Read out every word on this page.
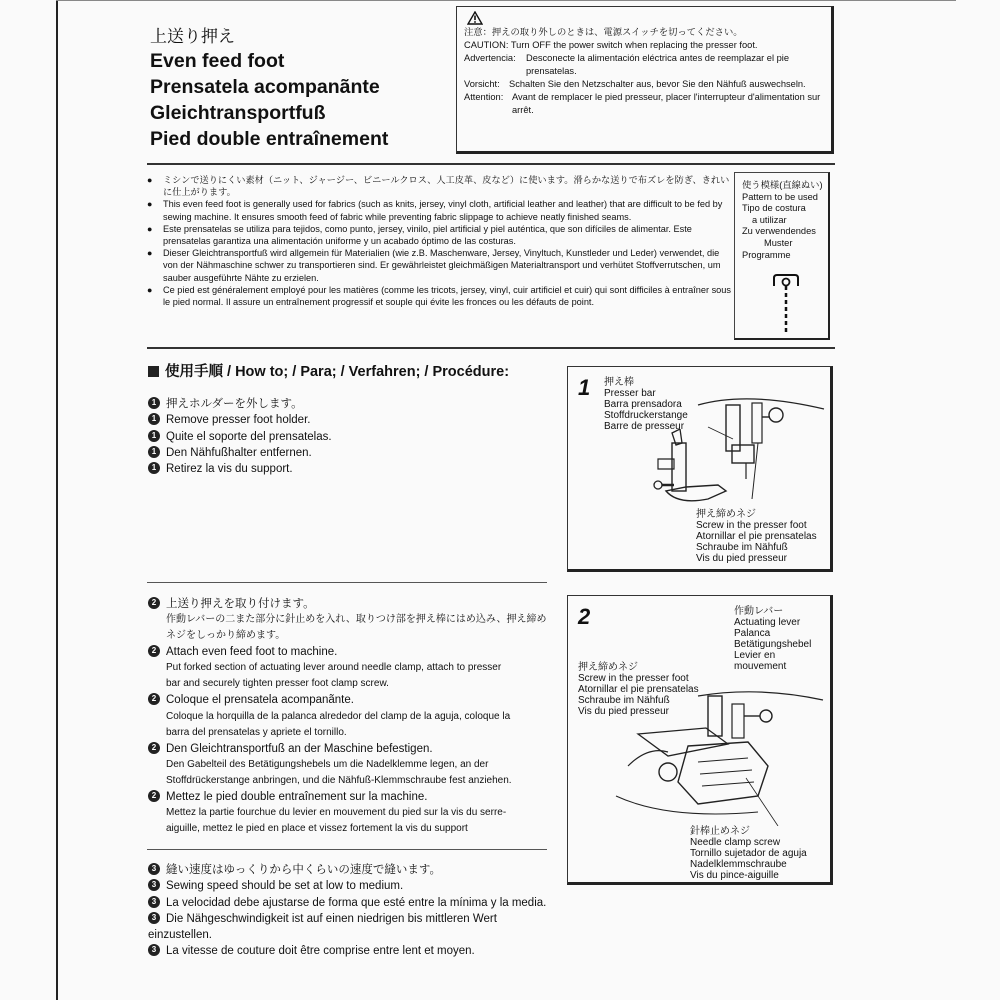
上送り押え
Even feed foot
Prensatela acompanãnte
Gleichtransportfuß
Pied double entraînement
注意：押えの取り外しのときは、電源スイッチを切ってください。
CAUTION: Turn OFF the power switch when replacing the presser foot.
Advertencia:	Desconecte la alimentación eléctrica antes de reemplazar el pie prensatelas.
Vorsicht:	Schalten Sie den Netzschalter aus, bevor Sie den Nähfuß auswechseln.
Attention: Avant de remplacer le pied presseur, placer l'interrupteur d'alimentation sur arrêt.
● ミシンで送りにくい素材（ニット、ジャージー、ビニールクロス、人工皮革、皮など）に使います。滑らかな送りで布ズレを防ぎ、きれいに仕上がります。
● This even feed foot is generally used for fabrics (such as knits, jersey, vinyl cloth, artificial leather and leather) that are difficult to be fed by sewing machine. It ensures smooth feed of fabric while preventing fabric slippage to achieve neatly finished seams.
● Este prensatelas se utiliza para tejidos, como punto, jersey, vinilo, piel artificial y piel auténtica, que son difíciles de alimentar. Este prensatelas garantiza una alimentación uniforme y un acabado óptimo de las costuras.
● Dieser Gleichtransportfuß wird allgemein für Materialien (wie z.B. Maschenware, Jersey, Vinyltuch, Kunstleder und Leder) verwendet, die von der Nähmaschine schwer zu transportieren sind. Er gewährleistet gleichmäßigen Materialtransport und verhütet Stoffverrutschen, um sauber ausgeführte Nähte zu erzielen.
● Ce pied est généralement employé pour les matières (comme les tricots, jersey, vinyl, cuir artificiel et cuir) qui sont difficiles à entraîner sous le pied normal. Il assure un entraînement progressif et souple qui évite les fronces ou les défauts de point.
使う模様(直線ぬい)
Pattern to be used
Tipo de costura
a utilizar
Zu verwendendes
Muster
Programme
使用手順 / How to; / Para; / Verfahren; / Procédure:
1 押えホルダーを外します。
1 Remove presser foot holder.
1 Quite el soporte del prensatelas.
1 Den Nähfußhalter entfernen.
1 Retirez la vis du support.
2 上送り押えを取り付けます。
作動レバーの二また部分に針止めを入れ、取りつけ部を押え棒にはめ込み、押え締め
ネジをしっかり締めます。
2 Attach even feed foot to machine.
Put forked section of actuating lever around needle clamp, attach to presser
bar and securely tighten presser foot clamp screw.
2 Coloque el prensatela acompanãnte.
Coloque la horquilla de la palanca alrededor del clamp de la aguja, coloque la
barra del prensatelas y apriete el tornillo.
2 Den Gleichtransportfuß an der Maschine befestigen.
Den Gabelteil des Betätigungshebels um die Nadelklemme legen, an der
Stoffdrückerstange anbringen, und die Nähfuß-Klemmschraube fest anziehen.
2 Mettez le pied double entraînement sur la machine.
Mettez la partie fourchue du levier en mouvement du pied sur la vis du serre-
aiguille, mettez le pied en place et vissez fortement la vis du support
3 縫い速度はゆっくりから中くらいの速度で縫います。
3 Sewing speed should be set at low to medium.
3 La velocidad debe ajustarse de forma que esté entre la mínima y la media.
3 Die Nähgeschwindigkeit ist auf einen niedrigen bis mittleren Wert
einzustellen.
3 La vitesse de couture doit être comprise entre lent et moyen.
1 押え棒
Presser bar
Barra prensadora
Stoffdruckerstange
Barre de presseur
押え締めネジ
Screw in the presser foot
Atornillar el pie prensatelas
Schraube im Nähfuß
Vis du pied presseur
2	作動レバー
Actuating lever
Palanca
Betätigungshebel
Levier en
mouvement
押え締めネジ
Screw in the presser foot
Atornillar el pie prensatelas
Schraube im Nähfuß
Vis du pied presseur
針棒止めネジ
Needle clamp screw
Tornillo sujetador de aguja
Nadelklemmschraube
Vis du pince-aiguille
